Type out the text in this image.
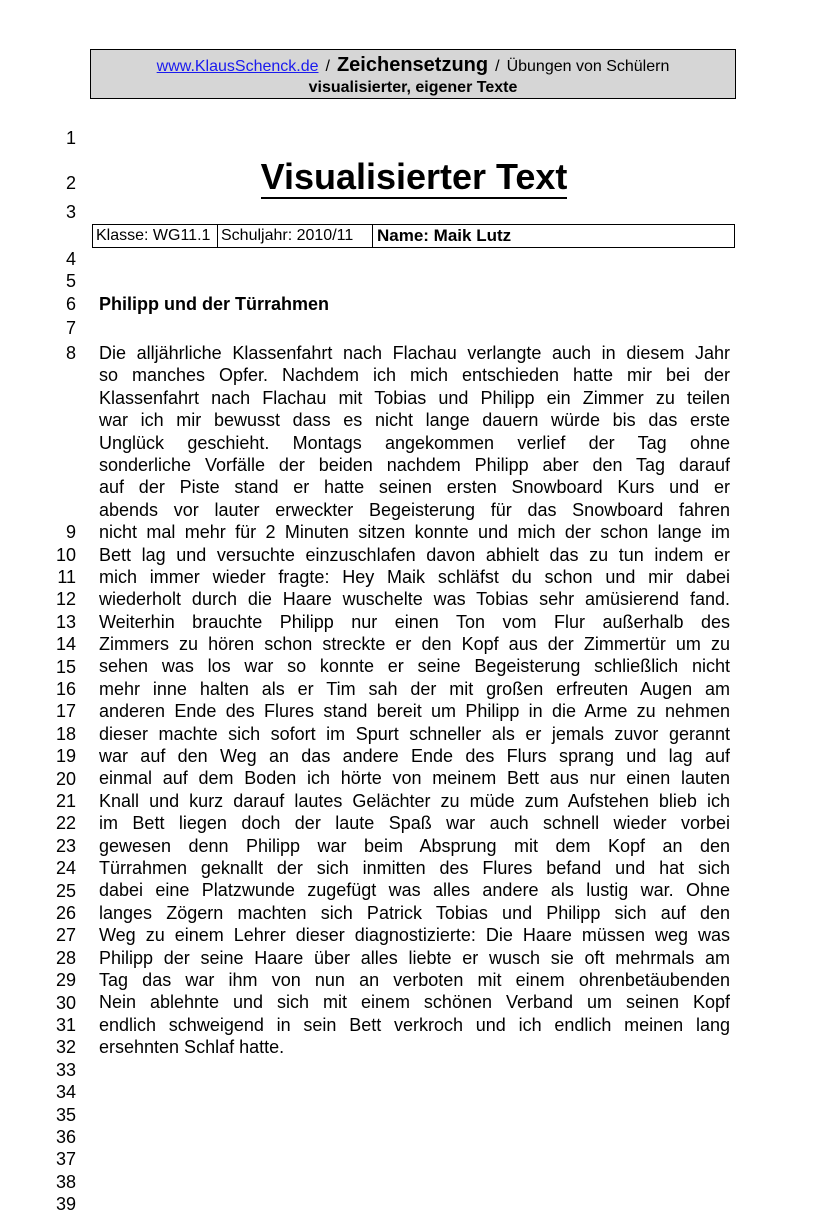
www.KlausSchenck.de / Zeichensetzung / Übungen von Schülern
visualisierter, eigener Texte
Visualisierter Text
Klasse: WG11.1 Schuljahr: 2010/11	Name: Maik Lutz
1
2
3
4
5
6
7
8
9
10
11
12
13
14
15
16
17
18
19
20
21
22
23
24
25
26
27
28
29
30
31
32
33
34
35
36
37
38
39
Philipp und der Türrahmen
Die alljährliche Klassenfahrt nach Flachau verlangte auch in diesem Jahr
so manches Opfer. Nachdem ich mich entschieden hatte mir bei der
Klassenfahrt nach Flachau mit Tobias und Philipp ein Zimmer zu teilen
war ich mir bewusst dass es nicht lange dauern würde bis das erste
Unglück geschieht. Montags angekommen verlief der Tag ohne
sonderliche Vorfälle der beiden nachdem Philipp aber den Tag darauf
auf der Piste stand er hatte seinen ersten Snowboard Kurs und er
abends vor lauter erweckter Begeisterung für das Snowboard fahren
nicht mal mehr für 2 Minuten sitzen konnte und mich der schon lange im
Bett lag und versuchte einzuschlafen davon abhielt das zu tun indem er
mich immer wieder fragte: Hey Maik schläfst du schon und mir dabei
wiederholt durch die Haare wuschelte was Tobias sehr amüsierend fand.
Weiterhin brauchte Philipp nur einen Ton vom Flur außerhalb des
Zimmers zu hören schon streckte er den Kopf aus der Zimmertür um zu
sehen was los war so konnte er seine Begeisterung schließlich nicht
mehr inne halten als er Tim sah der mit großen erfreuten Augen am
anderen Ende des Flures stand bereit um Philipp in die Arme zu nehmen
dieser machte sich sofort im Spurt schneller als er jemals zuvor gerannt
war auf den Weg an das andere Ende des Flurs sprang und lag auf
einmal auf dem Boden ich hörte von meinem Bett aus nur einen lauten
Knall und kurz darauf lautes Gelächter zu müde zum Aufstehen blieb ich
im Bett liegen doch der laute Spaß war auch schnell wieder vorbei
gewesen denn Philipp war beim Absprung mit dem Kopf an den
Türrahmen geknallt der sich inmitten des Flures befand und hat sich
dabei eine Platzwunde zugefügt was alles andere als lustig war. Ohne
langes Zögern machten sich Patrick Tobias und Philipp sich auf den
Weg zu einem Lehrer dieser diagnostizierte: Die Haare müssen weg was
Philipp der seine Haare über alles liebte er wusch sie oft mehrmals am
Tag das war ihm von nun an verboten mit einem ohrenbetäubenden
Nein ablehnte und sich mit einem schönen Verband um seinen Kopf
endlich schweigend in sein Bett verkroch und ich endlich meinen lang
ersehnten Schlaf hatte.
